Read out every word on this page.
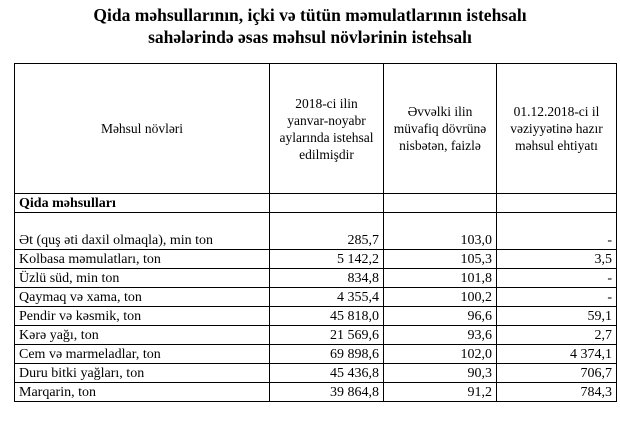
Qida məhsullarının, içki və tütün məmulatlarının istehsalı
sahələrində əsas məhsul növlərinin istehsalı
Məhsul növləri	2018-ci ilin yanvar-noyabr aylarında istehsal edilmişdir	Əvvəlki ilin müvafiq dövrünə nisbətən, faizlə	01.12.2018-ci il vəziyyətinə hazır məhsul ehtiyatı
Qida məhsulları			
Ət (quş əti daxil olmaqla), min ton	285,7	103,0	-
Kolbasa məmulatları, ton	5 142,2	105,3	3,5
Üzlü süd, min ton	834,8	101,8	-
Qaymaq və xama, ton	4 355,4	100,2	-
Pendir və kəsmik, ton	45 818,0	96,6	59,1
Kərə yağı, ton	21 569,6	93,6	2,7
Cem və marmeladlar, ton	69 898,6	102,0	4 374,1
Duru bitki yağları, ton	45 436,8	90,3	706,7
Marqarin, ton	39 864,8	91,2	784,3
